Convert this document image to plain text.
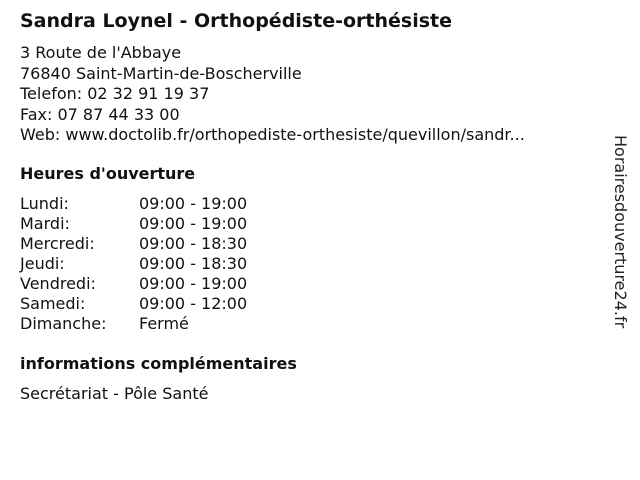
Sandra Loynel - Orthopédiste-orthésiste
3 Route de l'Abbaye
76840 Saint-Martin-de-Boscherville
Telefon: 02 32 91 19 37
Fax: 07 87 44 33 00
Web: www.doctolib.fr/orthopediste-orthesiste/quevillon/sandr...
Heures d'ouverture
Lundi:	09:00 - 19:00
Mardi:	09:00 - 19:00
Mercredi:	09:00 - 18:30
Jeudi:	09:00 - 18:30
Vendredi:	09:00 - 19:00
Samedi:	09:00 - 12:00
Dimanche: Fermé
informations complémentaires
Secrétariat - Pôle Santé
Horairesdouverture24.fr
